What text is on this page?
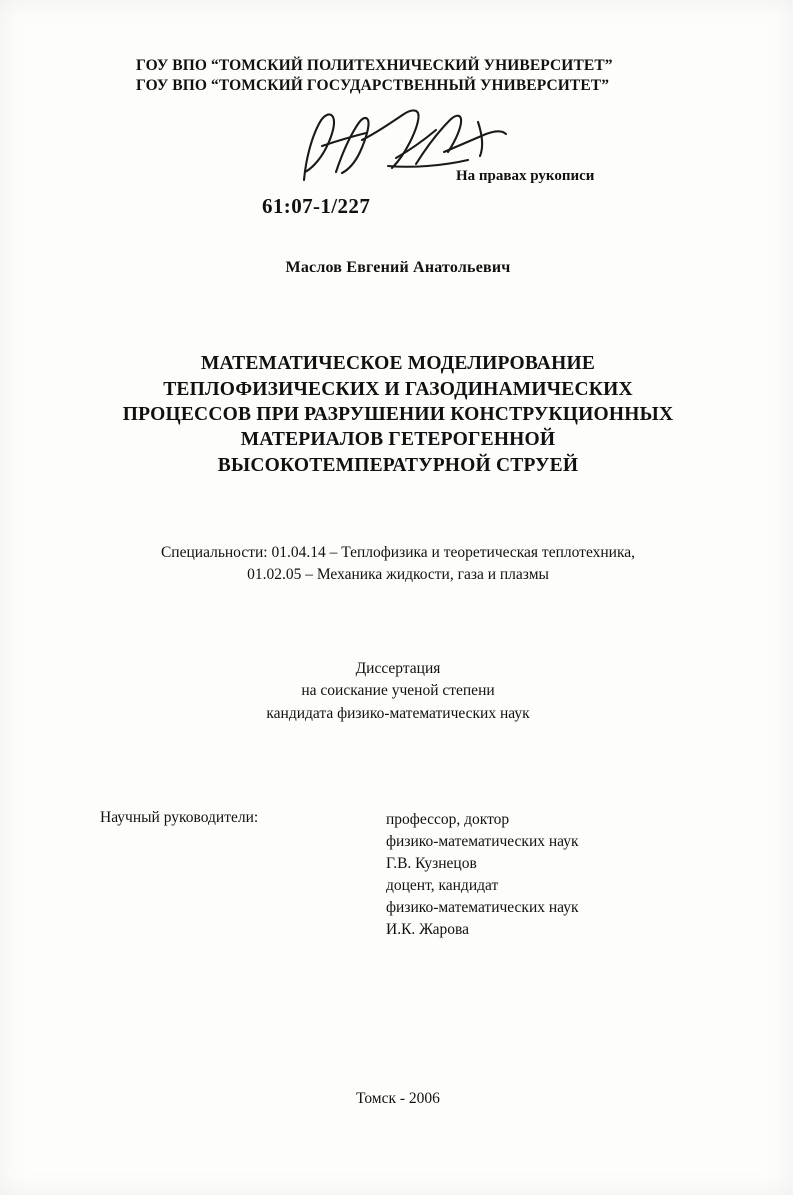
ГОУ ВПО “ТОМСКИЙ ПОЛИТЕХНИЧЕСКИЙ УНИВЕРСИТЕТ”
ГОУ ВПО “ТОМСКИЙ ГОСУДАРСТВЕННЫЙ УНИВЕРСИТЕТ”
На правах рукописи
61:07-1/227
Маслов Евгений Анатольевич
МАТЕМАТИЧЕСКОЕ МОДЕЛИРОВАНИЕ
ТЕПЛОФИЗИЧЕСКИХ И ГАЗОДИНАМИЧЕСКИХ
ПРОЦЕССОВ ПРИ РАЗРУШЕНИИ КОНСТРУКЦИОННЫХ
МАТЕРИАЛОВ ГЕТЕРОГЕННОЙ
ВЫСОКОТЕМПЕРАТУРНОЙ СТРУЕЙ
Специальности: 01.04.14 – Теплофизика и теоретическая теплотехника,
01.02.05 – Механика жидкости, газа и плазмы
Диссертация
на соискание ученой степени
кандидата физико-математических наук
Научный руководители:	профессор, доктор
физико-математических наук
Г.В. Кузнецов
доцент, кандидат
физико-математических наук
И.К. Жарова
Томск - 2006
